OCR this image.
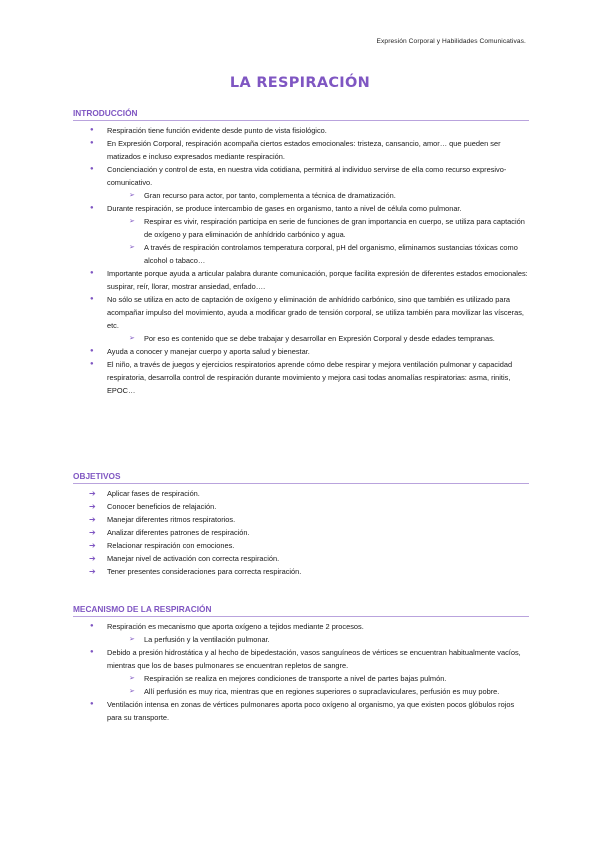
Expresión Corporal y Habilidades Comunicativas.
LA RESPIRACIÓN
INTRODUCCIÓN
● Respiración tiene función evidente desde punto de vista fisiológico.
● En Expresión Corporal, respiración acompaña ciertos estados emocionales: tristeza, cansancio, amor… que pueden ser matizados e incluso expresados mediante respiración.
● Concienciación y control de esta, en nuestra vida cotidiana, permitirá al individuo servirse de ella como recurso expresivo-comunicativo.
➢ Gran recurso para actor, por tanto, complementa a técnica de dramatización.
● Durante respiración, se produce intercambio de gases en organismo, tanto a nivel de célula como pulmonar.
➢ Respirar es vivir, respiración participa en serie de funciones de gran importancia en cuerpo, se utiliza para captación de oxígeno y para eliminación de anhídrido carbónico y agua.
➢ A través de respiración controlamos temperatura corporal, pH del organismo, eliminamos sustancias tóxicas como alcohol o tabaco…
● Importante porque ayuda a articular palabra durante comunicación, porque facilita expresión de diferentes estados emocionales: suspirar, reír, llorar, mostrar ansiedad, enfado….
● No sólo se utiliza en acto de captación de oxígeno y eliminación de anhídrido carbónico, sino que también es utilizado para acompañar impulso del movimiento, ayuda a modificar grado de tensión corporal, se utiliza también para movilizar las vísceras, etc.
➢ Por eso es contenido que se debe trabajar y desarrollar en Expresión Corporal y desde edades tempranas.
● Ayuda a conocer y manejar cuerpo y aporta salud y bienestar.
● El niño, a través de juegos y ejercicios respiratorios aprende cómo debe respirar y mejora ventilación pulmonar y capacidad respiratoria, desarrolla control de respiración durante movimiento y mejora casi todas anomalías respiratorias: asma, rinitis, EPOC…
OBJETIVOS
➔ Aplicar fases de respiración.
➔ Conocer beneficios de relajación.
➔ Manejar diferentes ritmos respiratorios.
➔ Analizar diferentes patrones de respiración.
➔ Relacionar respiración con emociones.
➔ Manejar nivel de activación con correcta respiración.
➔ Tener presentes consideraciones para correcta respiración.
MECANISMO DE LA RESPIRACIÓN
● Respiración es mecanismo que aporta oxígeno a tejidos mediante 2 procesos.
➢ La perfusión y la ventilación pulmonar.
● Debido a presión hidrostática y al hecho de bipedestación, vasos sanguíneos de vértices se encuentran habitualmente vacíos, mientras que los de bases pulmonares se encuentran repletos de sangre.
➢ Respiración se realiza en mejores condiciones de transporte a nivel de partes bajas pulmón.
➢ Allí perfusión es muy rica, mientras que en regiones superiores o supraclaviculares, perfusión es muy pobre.
● Ventilación intensa en zonas de vértices pulmonares aporta poco oxígeno al organismo, ya que existen pocos glóbulos rojos para su transporte.
